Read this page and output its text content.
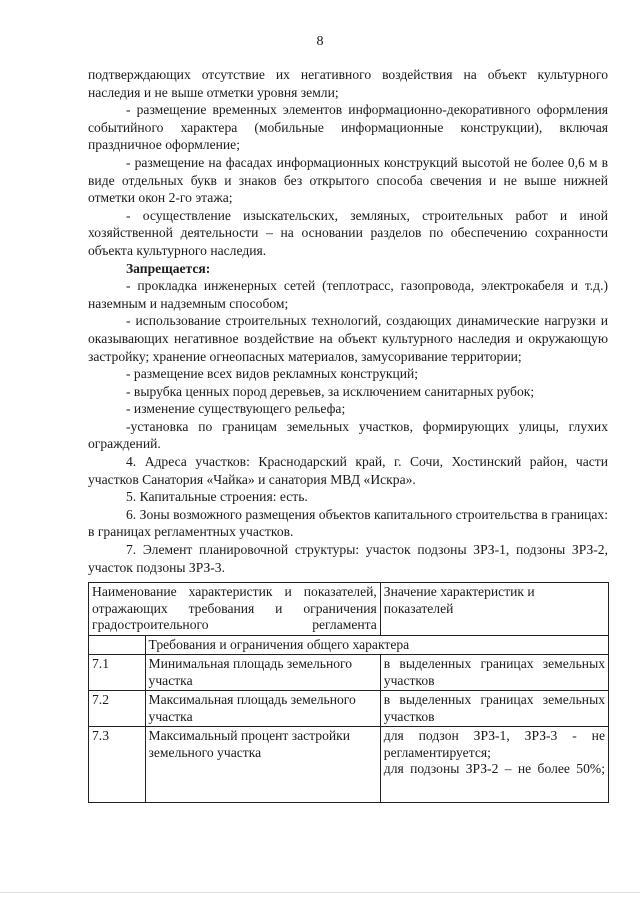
8

подтверждающих отсутствие их негативного воздействия на объект культурного наследия и не выше отметки уровня земли;

- размещение временных элементов информационно-декоративного оформления событийного характера (мобильные информационные конструкции), включая праздничное оформление;

- размещение на фасадах информационных конструкций высотой не более 0,6 м в виде отдельных букв и знаков без открытого способа свечения и не выше нижней отметки окон 2-го этажа;

- осуществление изыскательских, земляных, строительных работ и иной хозяйственной деятельности – на основании разделов по обеспечению сохранности объекта культурного наследия.

Запрещается:

- прокладка инженерных сетей (теплотрасс, газопровода, электрокабеля и т.д.) наземным и надземным способом;

- использование строительных технологий, создающих динамические нагрузки и оказывающих негативное воздействие на объект культурного наследия и окружающую застройку; хранение огнеопасных материалов, замусоривание территории;

- размещение всех видов рекламных конструкций;

- вырубка ценных пород деревьев, за исключением санитарных рубок;

- изменение существующего рельефа;

-установка по границам земельных участков, формирующих улицы, глухих ограждений.

4. Адреса участков: Краснодарский край, г. Сочи, Хостинский район, части участков Санатория «Чайка» и санатория МВД «Искра».

5. Капитальные строения: есть.

6. Зоны возможного размещения объектов капитального строительства в границах: в границах регламентных участков.

7. Элемент планировочной структуры: участок подзоны ЗРЗ-1, подзоны ЗРЗ-2, участок подзоны ЗРЗ-3.

Наименование характеристик и показателей, отражающих требования и ограничения градостроительного регламента		Значение характеристик и показателей
	Требования и ограничения общего характера	
7.1	Минимальная площадь земельного участка	в выделенных границах земельных участков
7.2	Максимальная площадь земельного участка	в выделенных границах земельных участков
7.3	Максимальный процент застройки земельного участка	для подзон ЗРЗ-1, ЗРЗ-3 - не регламентируется;
для подзоны ЗРЗ-2 – не более 50%;
